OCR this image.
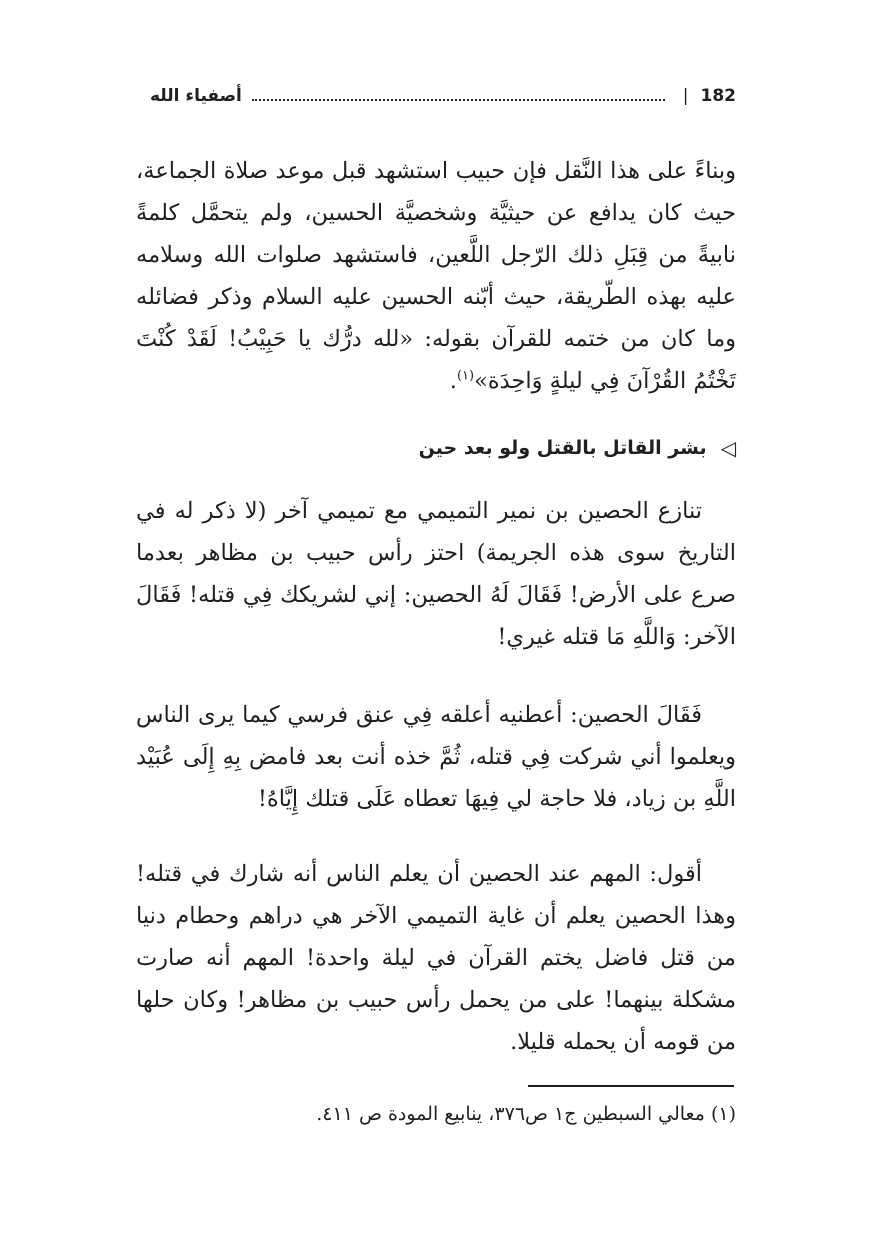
182
|
أصفياء الله

وبناءً على هذا النَّقل فإن حبيب استشهد قبل موعد صلاة الجماعة، حيث كان يدافع عن حيثيَّة وشخصيَّة الحسين، ولم يتحمَّل كلمةً نابيةً من قِبَلِ ذلك الرّجل اللَّعين، فاستشهد صلوات الله وسلامه عليه بهذه الطّريقة، حيث أبّنه الحسين عليه السلام وذكر فضائله وما كان من ختمه للقرآن بقوله: «لله درُّك يا حَبِيْبُ! لَقَدْ كُنْتَ تَخْتُمُ القُرْآنَ فِي ليلةٍ وَاحِدَة»$^{(١)}$.

◁
بشر القاتل بالقتل ولو بعد حين

تنازع الحصين بن نمير التميمي مع تميمي آخر (لا ذكر له في التاريخ سوى هذه الجريمة) احتز رأس حبيب بن مظاهر بعدما صرع على الأرض! فَقَالَ لَهُ الحصين: إني لشريكك فِي قتله! فَقَالَ الآخر: وَاللَّهِ مَا قتله غيري!

فَقَالَ الحصين: أعطنيه أعلقه فِي عنق فرسي كيما يرى الناس ويعلموا أني شركت فِي قتله، ثُمَّ خذه أنت بعد فامض بِهِ إِلَى عُبَيْد اللَّهِ بن زياد، فلا حاجة لي فِيهَا تعطاه عَلَى قتلك إِيَّاهُ!

أقول: المهم عند الحصين أن يعلم الناس أنه شارك في قتله! وهذا الحصين يعلم أن غاية التميمي الآخر هي دراهم وحطام دنيا من قتل فاضل يختم القرآن في ليلة واحدة! المهم أنه صارت مشكلة بينهما! على من يحمل رأس حبيب بن مظاهر! وكان حلها من قومه أن يحمله قليلا.

(١) معالي السبطين ج١ ص٣٧٦، ينابيع المودة ص ٤١١.
